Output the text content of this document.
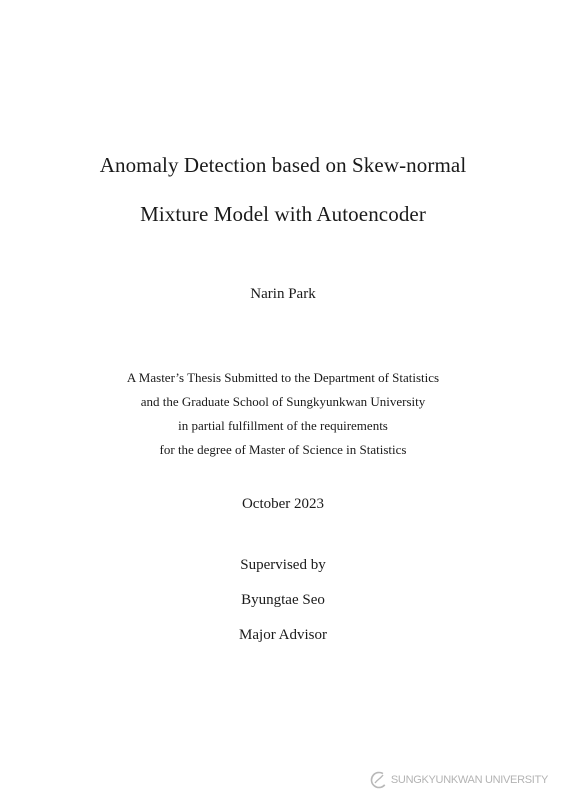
Anomaly Detection based on Skew-normal
Mixture Model with Autoencoder
Narin Park
A Master’s Thesis Submitted to the Department of Statistics
and the Graduate School of Sungkyunkwan University
in partial fulfillment of the requirements
for the degree of Master of Science in Statistics
October 2023
Supervised by
Byungtae Seo
Major Advisor
SUNGKYUNKWAN UNIVERSITY
